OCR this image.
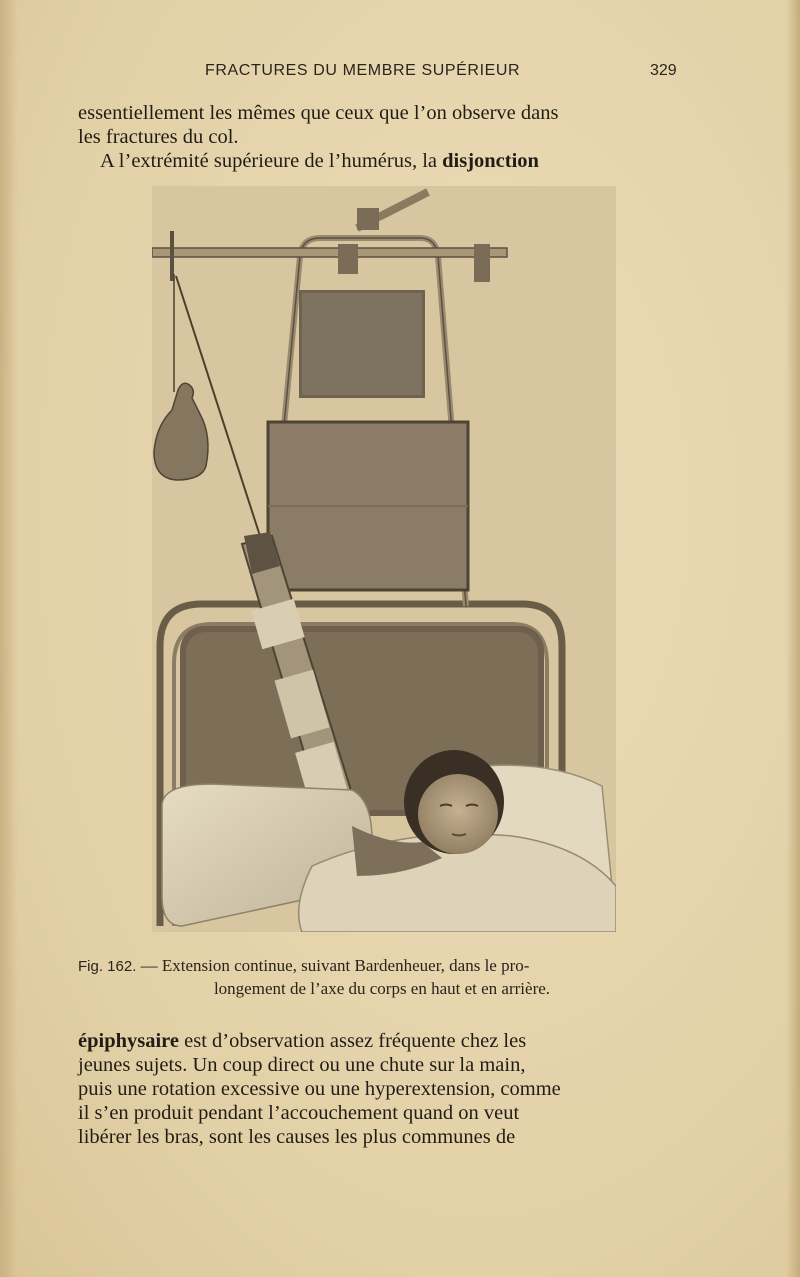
FRACTURES DU MEMBRE SUPÉRIEUR	329
essentiellement les mêmes que ceux que l’on observe dans
les fractures du col.
A l’extrémité supérieure de l’humérus, la disjonction
Fig. 162. — Extension continue, suivant Bardenheuer, dans le pro-
longement de l’axe du corps en haut et en arrière.
épiphysaire est d’observation assez fréquente chez les
jeunes sujets. Un coup direct ou une chute sur la main,
puis une rotation excessive ou une hyperextension, comme
il s’en produit pendant l’accouchement quand on veut
libérer les bras, sont les causes les plus communes de
